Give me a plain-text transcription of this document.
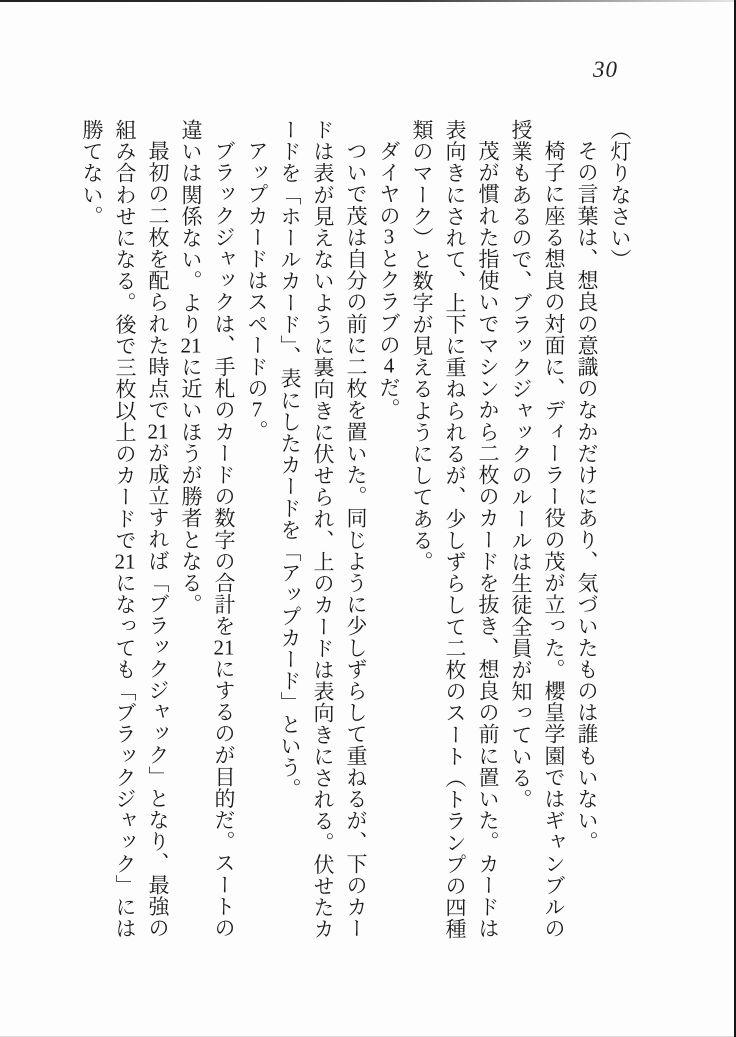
30

（灯りなさい）

その言葉は、想良の意識のなかだけにあり、気づいたものは誰もいない。

椅子に座る想良の対面に、ディーラー役の茂が立った。櫻皇学園ではギャンブルの授業もあるので、ブラックジャックのルールは生徒全員が知っている。

茂が慣れた指使いでマシンから二枚のカードを抜き、想良の前に置いた。カードは表向きにされて、上下に重ねられるが、少しずらして二枚のスート（トランプの四種類のマーク）と数字が見えるようにしてある。

ダイヤの3とクラブの4だ。

ついで茂は自分の前に二枚を置いた。同じように少しずらして重ねるが、下のカードは表が見えないように裏向きに伏せられ、上のカードは表向きにされる。伏せたカードを「ホールカード」、表にしたカードを「アップカード」という。

アップカードはスペードの7。

ブラックジャックは、手札のカードの数字の合計を21にするのが目的だ。スートの違いは関係ない。より21に近いほうが勝者となる。

最初の二枚を配られた時点で21が成立すれば「ブラックジャック」となり、最強の組み合わせになる。後で三枚以上のカードで21になっても「ブラックジャック」には勝てない。
